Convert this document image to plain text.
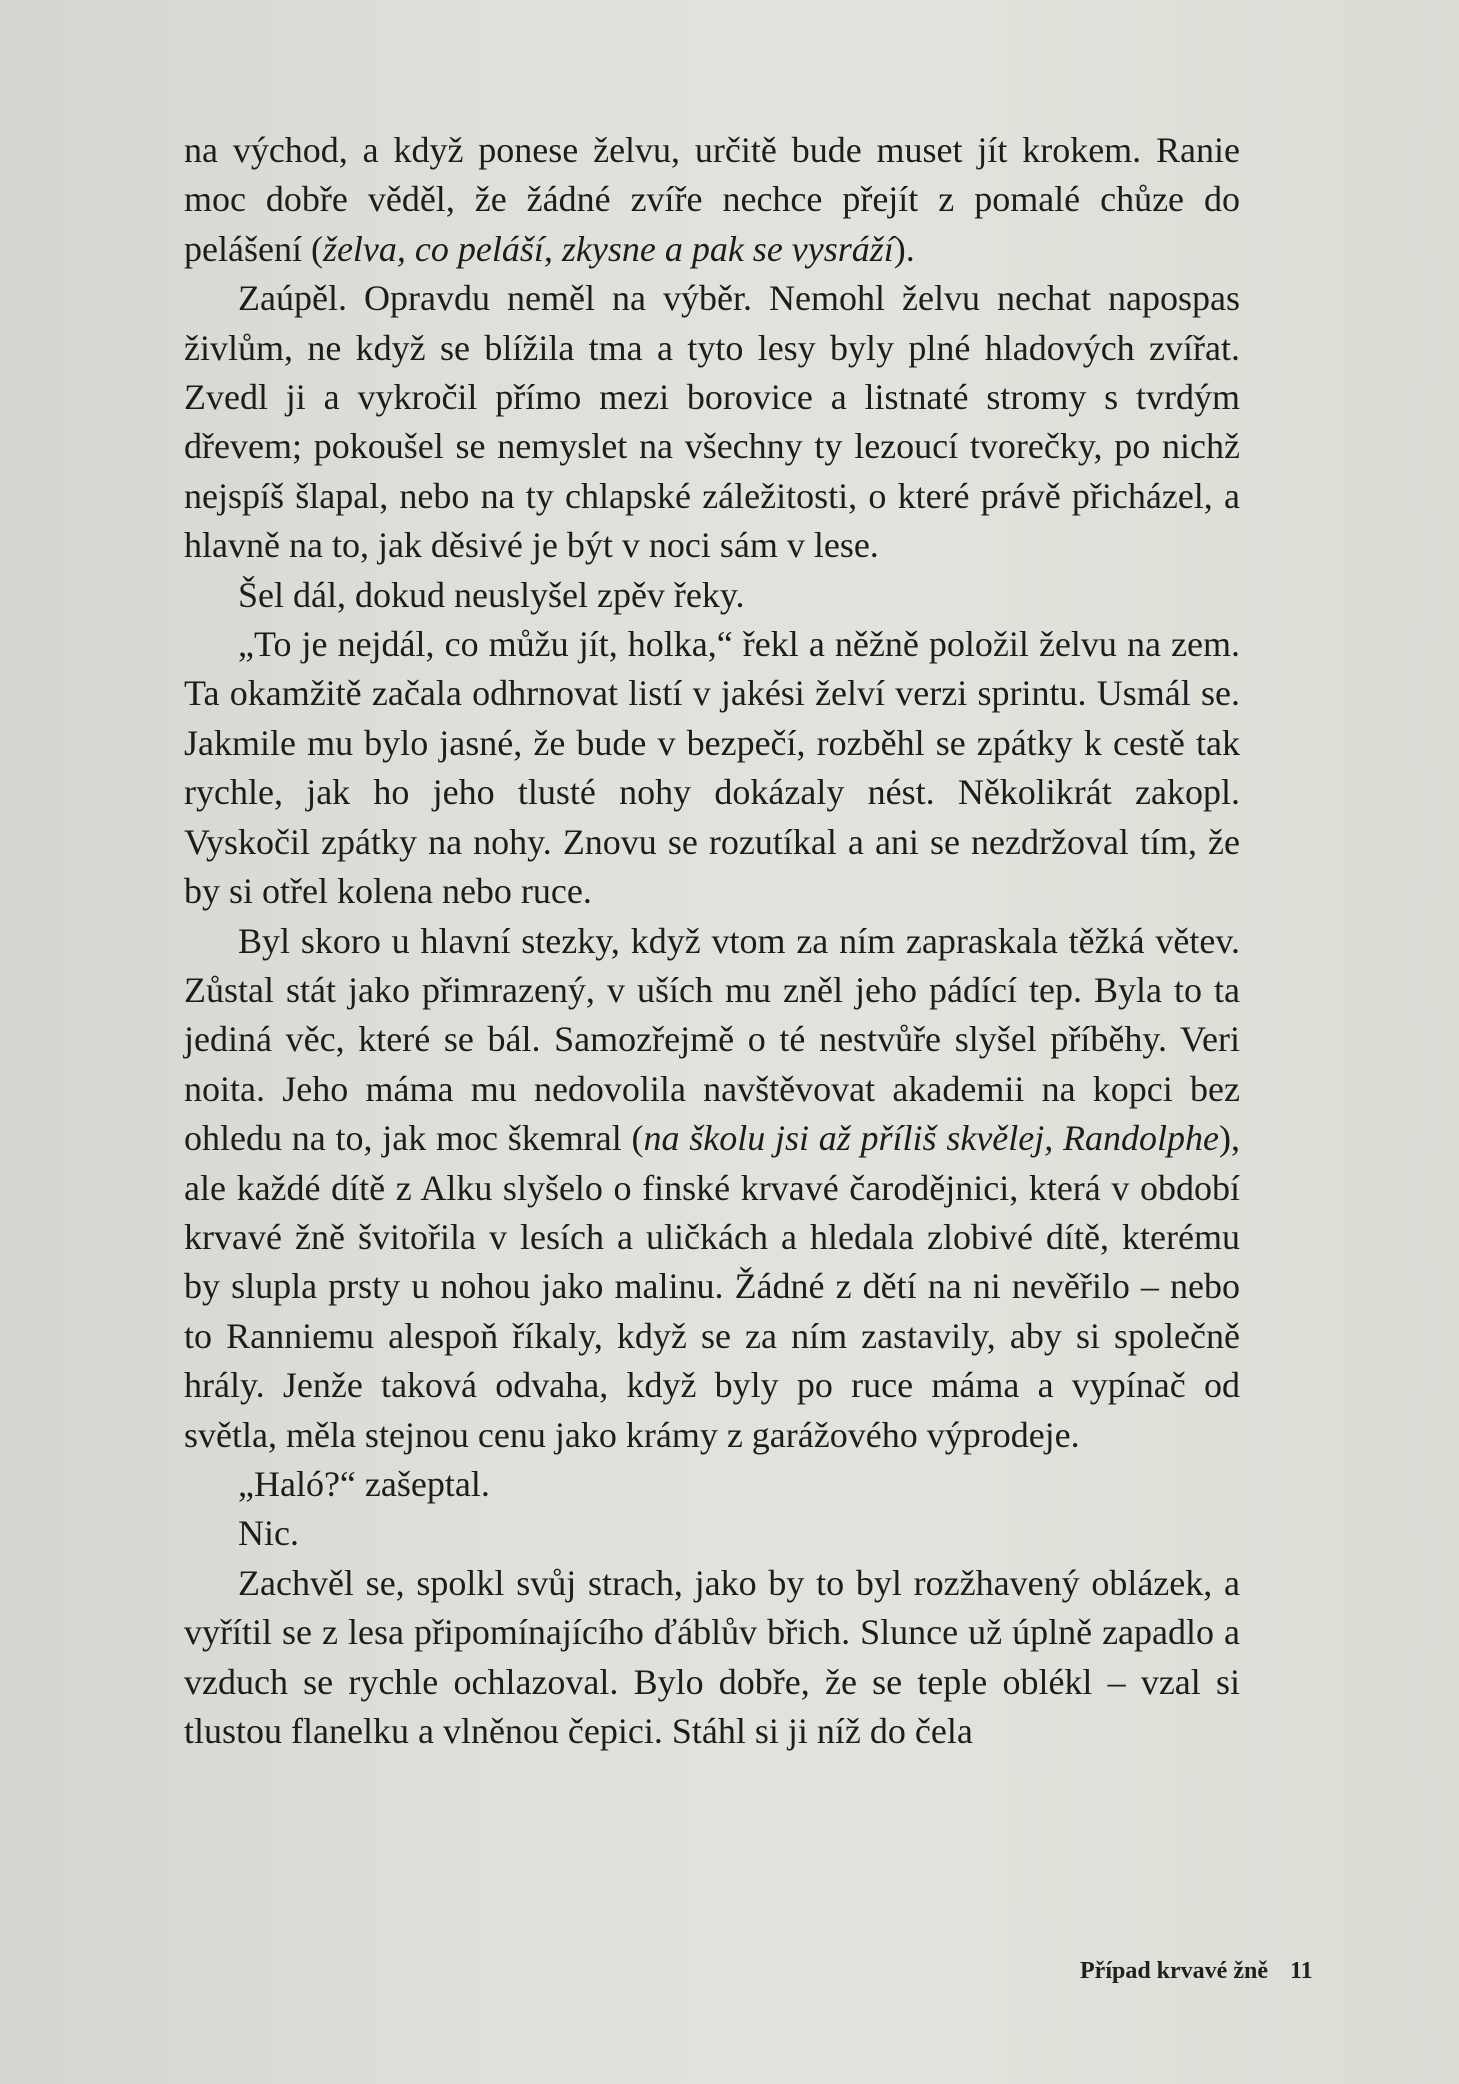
na východ, a když ponese želvu, určitě bude muset jít krokem. Ranie moc dobře věděl, že žádné zvíře nechce přejít z pomalé chůze do pelášení (želva, co peláší, zkysne a pak se vysráží).

Zaúpěl. Opravdu neměl na výběr. Nemohl želvu nechat napospas živlům, ne když se blížila tma a tyto lesy byly plné hladových zvířat. Zvedl ji a vykročil přímo mezi borovice a listnaté stromy s tvrdým dřevem; pokoušel se nemyslet na všechny ty lezoucí tvorečky, po nichž nejspíš šlapal, nebo na ty chlapské záležitosti, o které právě přicházel, a hlavně na to, jak děsivé je být v noci sám v lese.

Šel dál, dokud neuslyšel zpěv řeky.

„To je nejdál, co můžu jít, holka,“ řekl a něžně položil želvu na zem. Ta okamžitě začala odhrnovat listí v jakési želví verzi sprintu. Usmál se. Jakmile mu bylo jasné, že bude v bezpečí, rozběhl se zpátky k cestě tak rychle, jak ho jeho tlusté nohy dokázaly nést. Několikrát zakopl. Vyskočil zpátky na nohy. Znovu se rozutíkal a ani se nezdržoval tím, že by si otřel kolena nebo ruce.

Byl skoro u hlavní stezky, když vtom za ním zapraskala těžká větev. Zůstal stát jako přimrazený, v uších mu zněl jeho pádící tep. Byla to ta jediná věc, které se bál. Samozřejmě o té nestvůře slyšel příběhy. Veri noita. Jeho máma mu nedovolila navštěvovat akademii na kopci bez ohledu na to, jak moc škemral (na školu jsi až příliš skvělej, Randolphe), ale každé dítě z Alku slyšelo o finské krvavé čarodějnici, která v období krvavé žně švitořila v lesích a uličkách a hledala zlobivé dítě, kterému by slupla prsty u nohou jako malinu. Žádné z dětí na ni nevěřilo – nebo to Ranniemu alespoň říkaly, když se za ním zastavily, aby si společně hrály. Jenže taková odvaha, když byly po ruce máma a vypínač od světla, měla stejnou cenu jako krámy z garážového výprodeje.

„Haló?“ zašeptal.

Nic.

Zachvěl se, spolkl svůj strach, jako by to byl rozžhavený oblázek, a vyřítil se z lesa připomínajícího ďáblův břich. Slunce už úplně zapadlo a vzduch se rychle ochlazoval. Bylo dobře, že se teple oblékl – vzal si tlustou flanelku a vlněnou čepici. Stáhl si ji níž do čela

Případ krvavé žně 11
